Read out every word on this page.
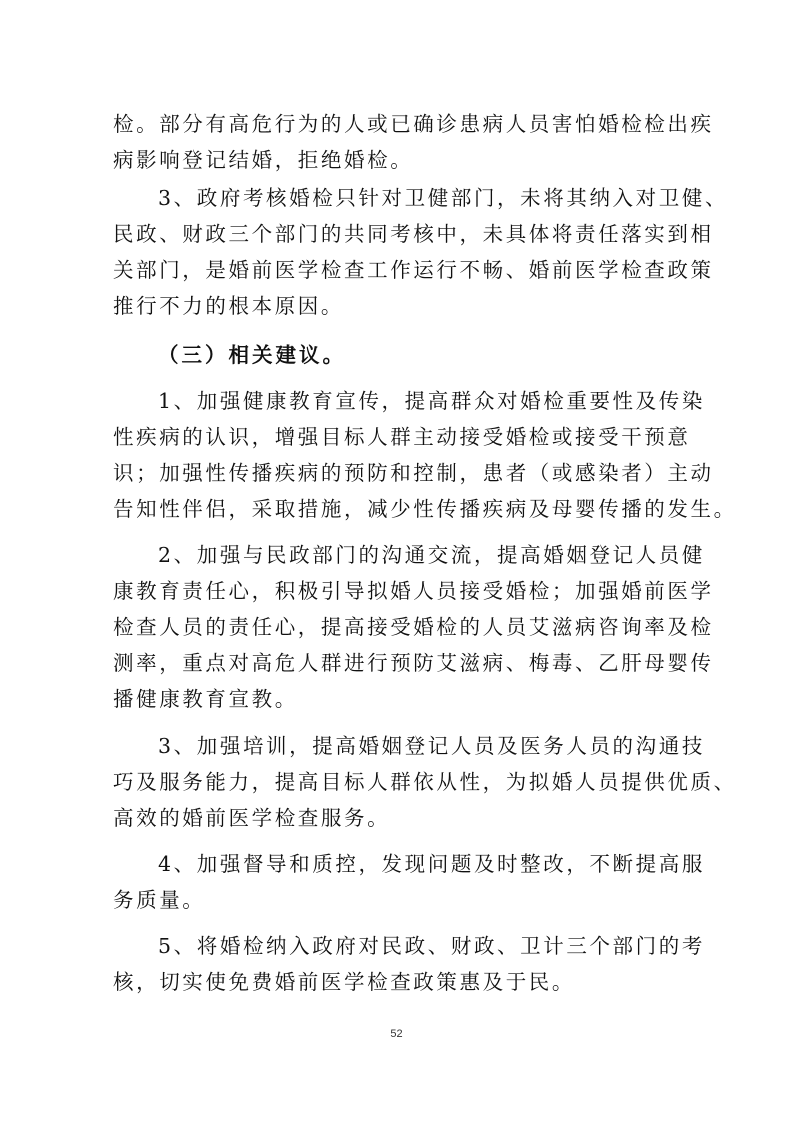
检。部分有高危行为的人或已确诊患病人员害怕婚检检出疾
病影响登记结婚，拒绝婚检。
3、政府考核婚检只针对卫健部门，未将其纳入对卫健、
民政、财政三个部门的共同考核中，未具体将责任落实到相
关部门，是婚前医学检查工作运行不畅、婚前医学检查政策
推行不力的根本原因。
（三）相关建议。
1、加强健康教育宣传，提高群众对婚检重要性及传染
性疾病的认识，增强目标人群主动接受婚检或接受干预意
识；加强性传播疾病的预防和控制，患者（或感染者）主动
告知性伴侣，采取措施，减少性传播疾病及母婴传播的发生。
2、加强与民政部门的沟通交流，提高婚姻登记人员健
康教育责任心，积极引导拟婚人员接受婚检；加强婚前医学
检查人员的责任心，提高接受婚检的人员艾滋病咨询率及检
测率，重点对高危人群进行预防艾滋病、梅毒、乙肝母婴传
播健康教育宣教。
3、加强培训，提高婚姻登记人员及医务人员的沟通技
巧及服务能力，提高目标人群依从性，为拟婚人员提供优质、
高效的婚前医学检查服务。
4、加强督导和质控，发现问题及时整改，不断提高服
务质量。
5、将婚检纳入政府对民政、财政、卫计三个部门的考
核，切实使免费婚前医学检查政策惠及于民。
52
